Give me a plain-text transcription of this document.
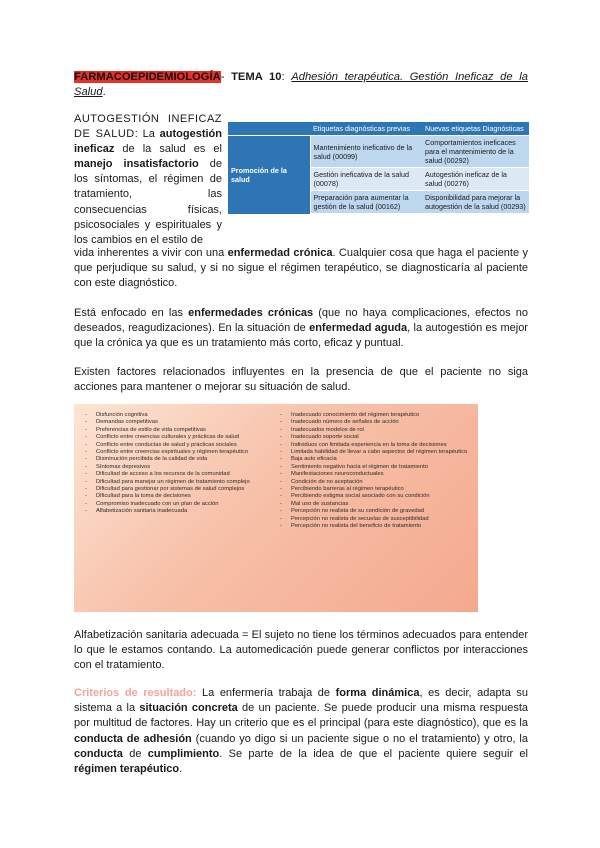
FARMACOEPIDEMIOLOGÍA- TEMA 10: Adhesión terapéutica. Gestión Ineficaz de la Salud.
AUTOGESTIÓN INEFICAZ DE SALUD: La autogestión ineficaz de la salud es el manejo insatisfactorio de los síntomas, el régimen de tratamiento, las consecuencias físicas, psicosociales y espirituales y los cambios en el estilo de
	Etiquetas diagnósticas previas	Nuevas etiquetas Diagnósticas
Promoción de la salud	Mantenimiento ineficativo de la salud (00099)	Comportamientos ineficaces para el mantenimiento de la salud (00292)
	Gestión ineficativa de la salud (00078)	Autogestión ineficaz de la salud (00276)
	Preparación para aumentar la gestión de la salud (00162)	Disponibilidad para mejorar la autogestión de la salud (00293)
vida inherentes a vivir con una enfermedad crónica. Cualquier cosa que haga el paciente y que perjudique su salud, y si no sigue el régimen terapéutico, se diagnosticaría al paciente con este diagnóstico.
Está enfocado en las enfermedades crónicas (que no haya complicaciones, efectos no deseados, reagudizaciones). En la situación de enfermedad aguda, la autogestión es mejor que la crónica ya que es un tratamiento más corto, eficaz y puntual.
Existen factores relacionados influyentes en la presencia de que el paciente no siga acciones para mantener o mejorar su situación de salud.
- Disfunción cognitiva
- Demandas competitivas
- Preferencias de estilo de vida competitivas
- Conflicto entre creencias culturales y prácticas de salud
- Conflicto entre conductas de salud y prácticas sociales
- Conflicto entre creencias espirituales y régimen terapéutico
- Disminución percibida de la calidad de vida
- Síntomas depresivos
- Dificultad de acceso a los recursos de la comunidad
- Dificultad para manejar un régimen de tratamiento complejo
- Dificultad para gestionar por sistemas de salud complejos
- Dificultad para la toma de decisiones
- Compromiso inadecuado con un plan de acción
- Alfabetización sanitaria inadecuada
- Inadecuado conocimiento del régimen terapéutico
- Inadecuado número de señales de acción
- Inadecuados modelos de rol
- Inadecuado soporte social
- Individuos con limitada experiencia en la toma de decisiones
- Limitada habilidad de llevar a cabo aspectos del régimen terapéutico
- Baja auto eficacia
- Sentimiento negativo hacia el régimen de tratamiento
- Manifestaciones neuroconductuales
- Condición de no aceptación
- Percibiendo barreras al régimen terapéutico
- Percibiendo estigma social asociado con su condición
- Mal uso de sustancias
- Percepción no realista de su condición de gravedad
- Percepción no realista de secuelas de susceptibilidad
- Percepción no realista del beneficio de tratamiento
Alfabetización sanitaria adecuada = El sujeto no tiene los términos adecuados para entender lo que le estamos contando. La automedicación puede generar conflictos por interacciones con el tratamiento.
Criterios de resultado: La enfermería trabaja de forma dinámica, es decir, adapta su sistema a la situación concreta de un paciente. Se puede producir una misma respuesta por multitud de factores. Hay un criterio que es el principal (para este diagnóstico), que es la conducta de adhesión (cuando yo digo si un paciente sigue o no el tratamiento) y otro, la conducta de cumplimiento. Se parte de la idea de que el paciente quiere seguir el régimen terapéutico.
